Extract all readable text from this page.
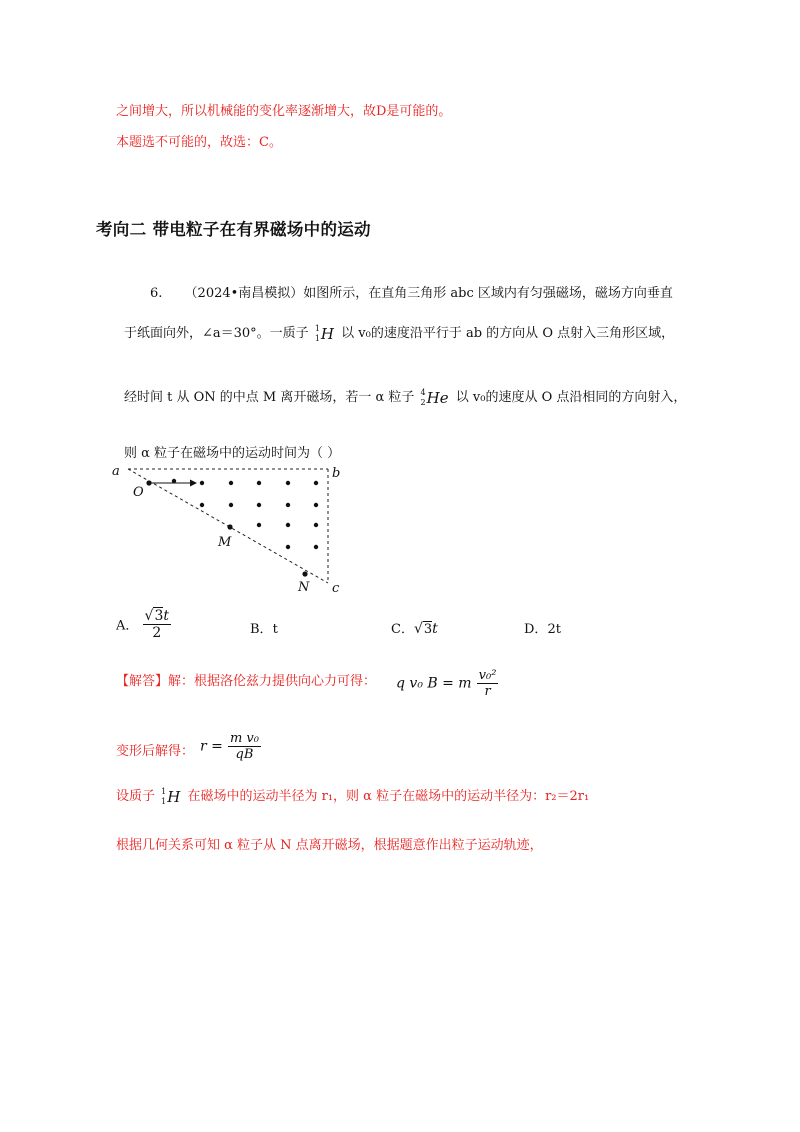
之间增大，所以机械能的变化率逐渐增大，故D是可能的。
本题选不可能的，故选：C。
考向二 带电粒子在有界磁场中的运动
6. （2024•南昌模拟）如图所示，在直角三角形 abc 区域内有匀强磁场，磁场方向垂直
于纸面向外，∠a＝30°。一质子 1
1H 以 v₀的速度沿平行于 ab 的方向从 O 点射入三角形区域，
经时间 t 从 ON 的中点 M 离开磁场，若一 α 粒子 4
2He 以 v₀的速度从 O 点沿相同的方向射入，
则 α 粒子在磁场中的运动时间为（ ）
a	b
c
O
M
N
A． $\frac{√3t}{2}$	B．t	C．√3t	D．2t
【解答】解：根据洛伦兹力提供向心力可得： q v₀ B = m $\frac{\text{v₀²}}{r}$
变形后解得： $r = \frac{\text{m v₀}}{qB}$
设质子 1
1H 在磁场中的运动半径为 r₁，则 α 粒子在磁场中的运动半径为：r₂＝2r₁
根据几何关系可知 α 粒子从 N 点离开磁场，根据题意作出粒子运动轨迹，
